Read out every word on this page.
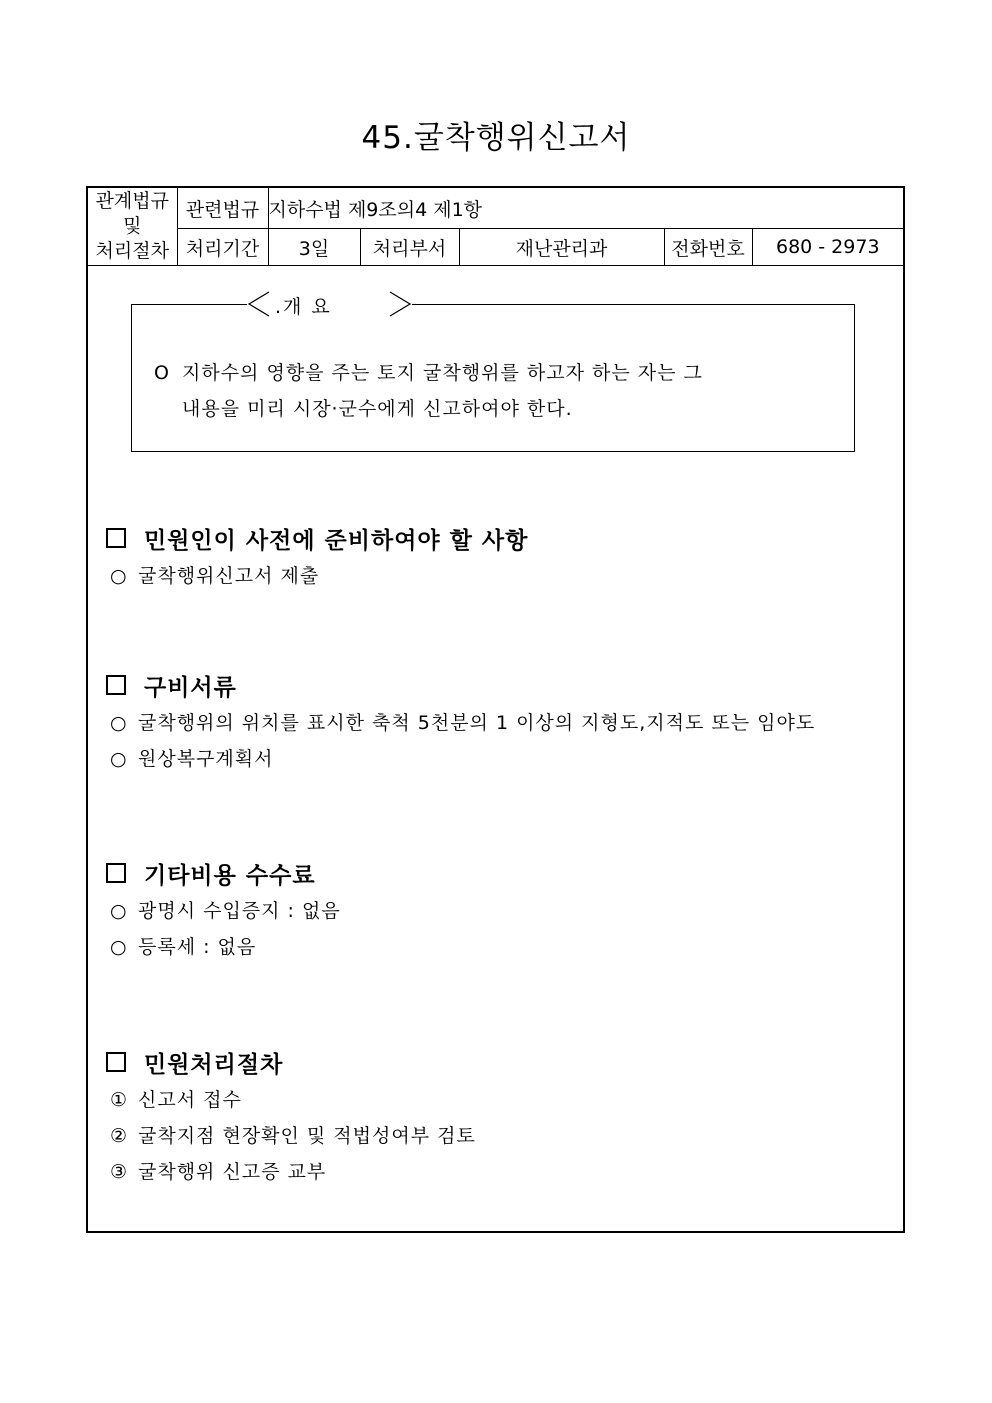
45.굴착행위신고서
관계법규
및
처리절차	관련법규	지하수법 제9조의4 제1항				
	처리기간	3일	처리부서	재난관리과	전화번호	680 - 2973
.개 요
O 지하수의 영향을 주는 토지 굴착행위를 하고자 하는 자는 그
내용을 미리 시장·군수에게 신고하여야 한다.
민원인이 사전에 준비하여야 할 사항
○ 굴착행위신고서 제출
구비서류
○ 굴착행위의 위치를 표시한 축척 5천분의 1 이상의 지형도,지적도 또는 임야도
○ 원상복구계획서
기타비용 수수료
○ 광명시 수입증지 : 없음
○ 등록세 : 없음
민원처리절차
① 신고서 접수
② 굴착지점 현장확인 및 적법성여부 검토
③ 굴착행위 신고증 교부
